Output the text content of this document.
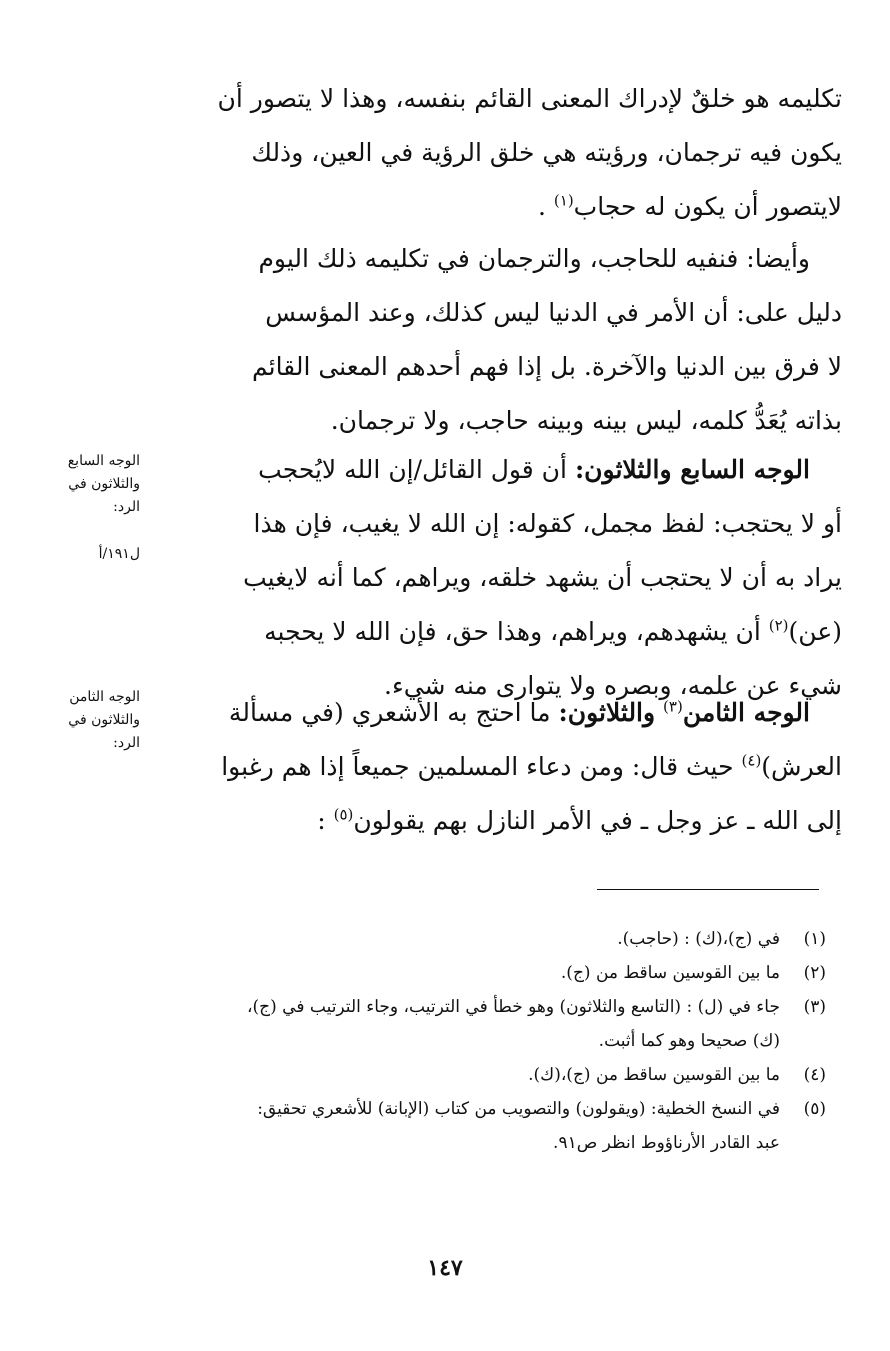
تكليمه هو خلقٌ لإدراك المعنى القائم بنفسه، وهذا لا يتصور أن
يكون فيه ترجمان، ورؤيته هي خلق الرؤية في العين، وذلك
لايتصور أن يكون له حجاب$^{(١)}$ .
وأيضا: فنفيه للحاجب، والترجمان في تكليمه ذلك اليوم
دليل على: أن الأمر في الدنيا ليس كذلك، وعند المؤسس
لا فرق بين الدنيا والآخرة. بل إذا فهم أحدهم المعنى القائم
بذاته يُعَدُّ كلمه، ليس بينه وبينه حاجب، ولا ترجمان.
الوجه السابع والثلاثون: أن قول القائل/إن الله لايُحجب
أو لا يحتجب: لفظ مجمل، كقوله: إن الله لا يغيب، فإن هذا
يراد به أن لا يحتجب أن يشهد خلقه، ويراهم، كما أنه لايغيب
(عن)$^{(٢)}$ أن يشهدهم، ويراهم، وهذا حق، فإن الله لا يحجبه
شيء عن علمه، وبصره ولا يتوارى منه شيء.
الوجه الثامن$^{(٣)}$ والثلاثون: ما احتج به الأشعري (في مسألة
العرش)$^{(٤)}$ حيث قال: ومن دعاء المسلمين جميعاً إذا هم رغبوا
إلى الله ـ عز وجل ـ في الأمر النازل بهم يقولون$^{(٥)}$ :
الوجه السابع
والثلاثون في
الرد:
ل١٩١/أ
الوجه الثامن
والثلاثون في
الرد:
(١)
في (ج)،(ك) : (حاجب).
(٢)
ما بين القوسين ساقط من (ج).
(٣)
جاء في (ل) : (التاسع والثلاثون) وهو خطأ في الترتيب، وجاء الترتيب في (ج)،
(ك) صحيحا وهو كما أثبت.
(٤)
ما بين القوسين ساقط من (ج)،(ك).
(٥)
في النسخ الخطية: (ويقولون) والتصويب من كتاب (الإبانة) للأشعري تحقيق:
عبد القادر الأرناؤوط انظر ص٩١.
١٤٧
